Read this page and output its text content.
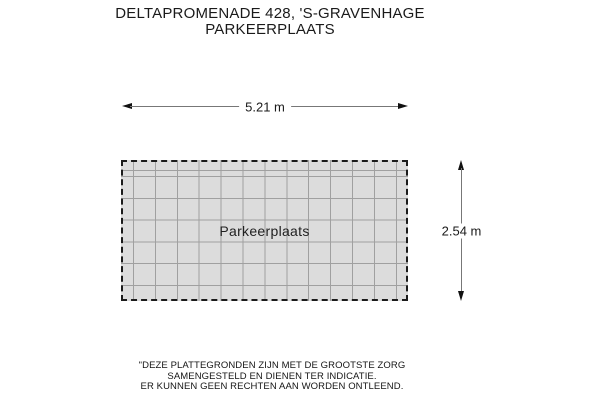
DELTAPROMENADE 428, 'S-GRAVENHAGE
PARKEERPLAATS
5.21 m
Parkeerplaats	2.54 m
"DEZE PLATTEGRONDEN ZIJN MET DE GROOTSTE ZORG
SAMENGESTELD EN DIENEN TER INDICATIE.
ER KUNNEN GEEN RECHTEN AAN WORDEN ONTLEEND.
